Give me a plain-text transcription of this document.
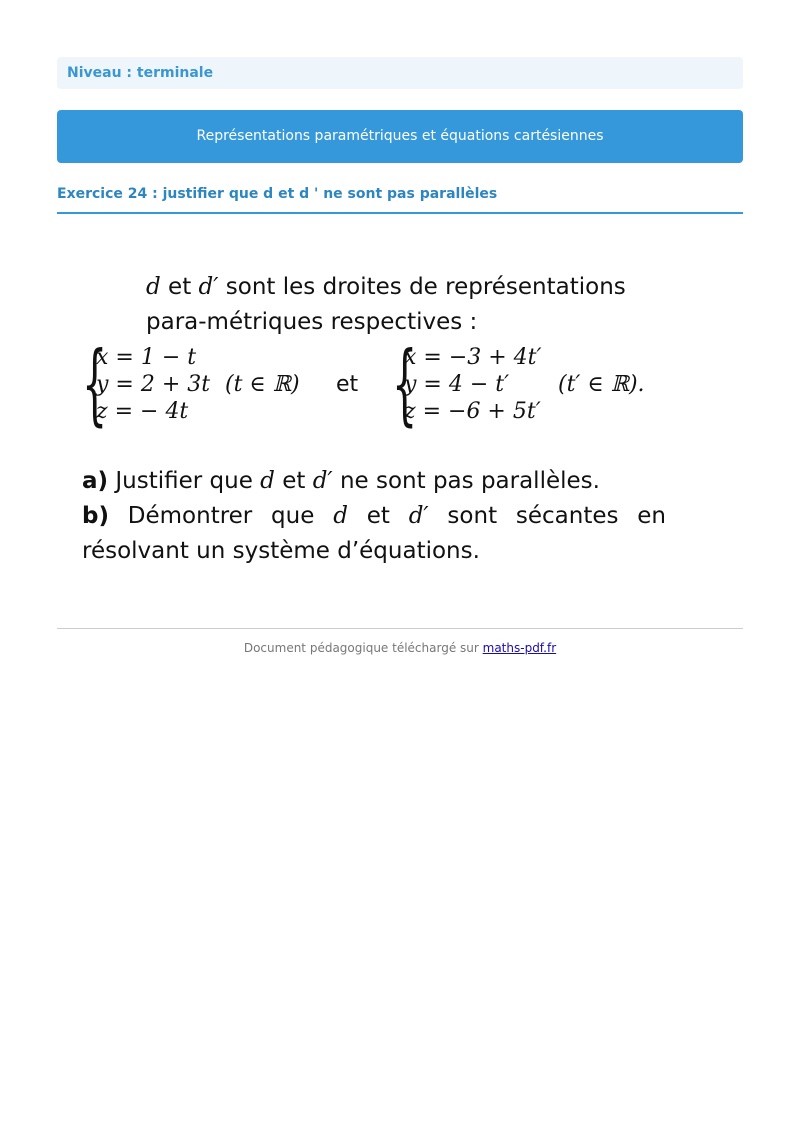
Niveau : terminale
Représentations paramétriques et équations cartésiennes
Exercice 24 : justifier que d et d ' ne sont pas parallèles

d et d′ sont les droites de représentations para-métriques respectives :

{
x = 1 − t
y = 2 + 3t
z = − 4t
(t ∈ ℝ) et {
x = −3 + 4t′
y = 4 − t′
z = −6 + 5t′
(t′ ∈ ℝ).

a) Justifier que d et d′ ne sont pas parallèles.

b) Démontrer que d et d′ sont sécantes en résolvant un système d’équations.

Document pédagogique téléchargé sur maths-pdf.fr
